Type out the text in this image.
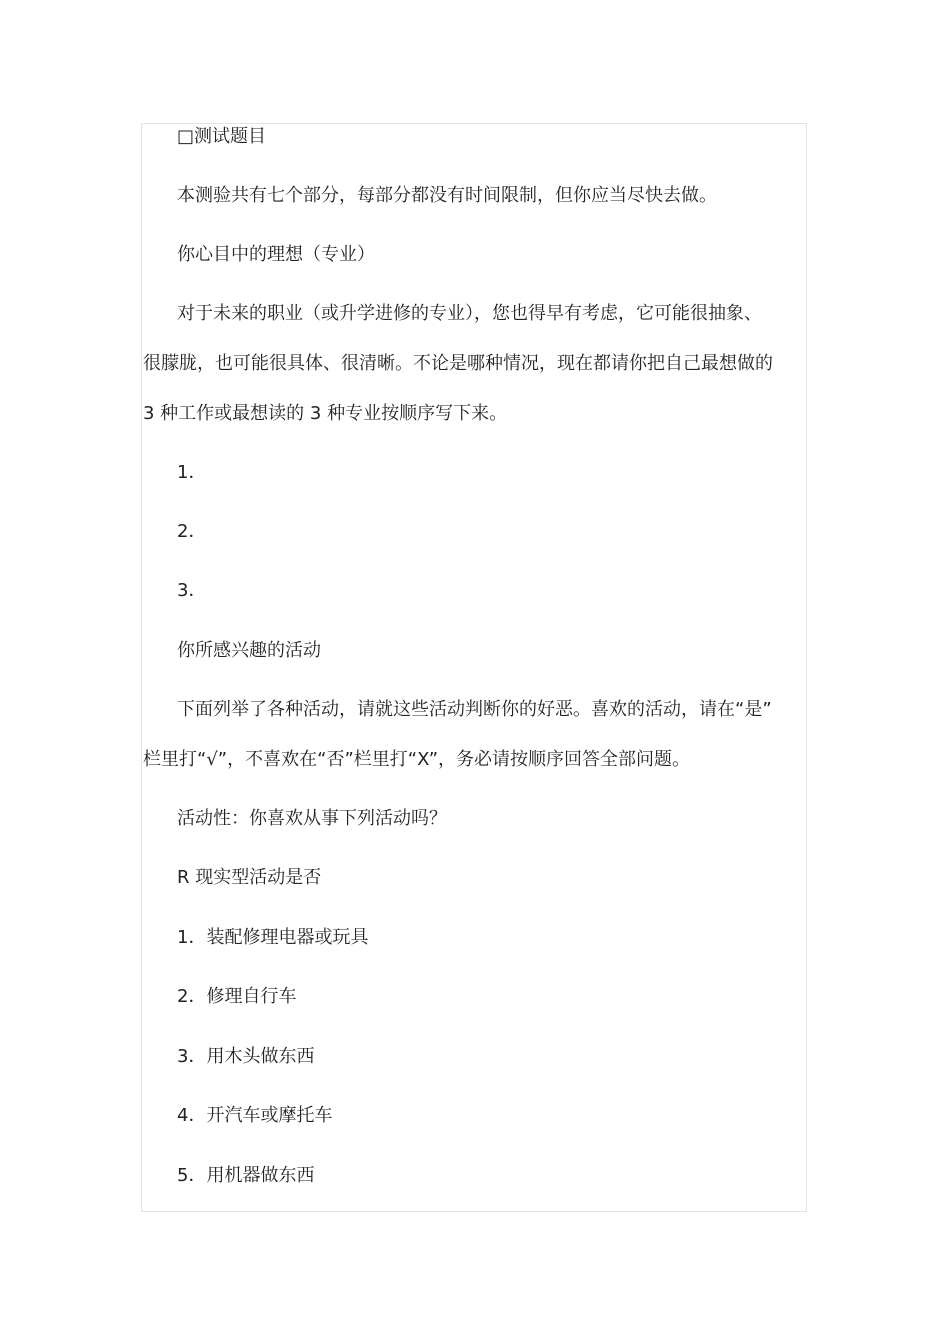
□测试题目

本测验共有七个部分，每部分都没有时间限制，但你应当尽快去做。

你心目中的理想（专业）

对于未来的职业（或升学进修的专业），您也得早有考虑，它可能很抽象、
很朦胧，也可能很具体、很清晰。不论是哪种情况，现在都请你把自己最想做的
3 种工作或最想读的 3 种专业按顺序写下来。

1．

2．

3．

你所感兴趣的活动

下面列举了各种活动，请就这些活动判断你的好恶。喜欢的活动，请在“是”
栏里打“√”，不喜欢在“否”栏里打“X”，务必请按顺序回答全部问题。

活动性：你喜欢从事下列活动吗？

R 现实型活动是否

1．装配修理电器或玩具

2．修理自行车

3．用木头做东西

4．开汽车或摩托车

5．用机器做东西
